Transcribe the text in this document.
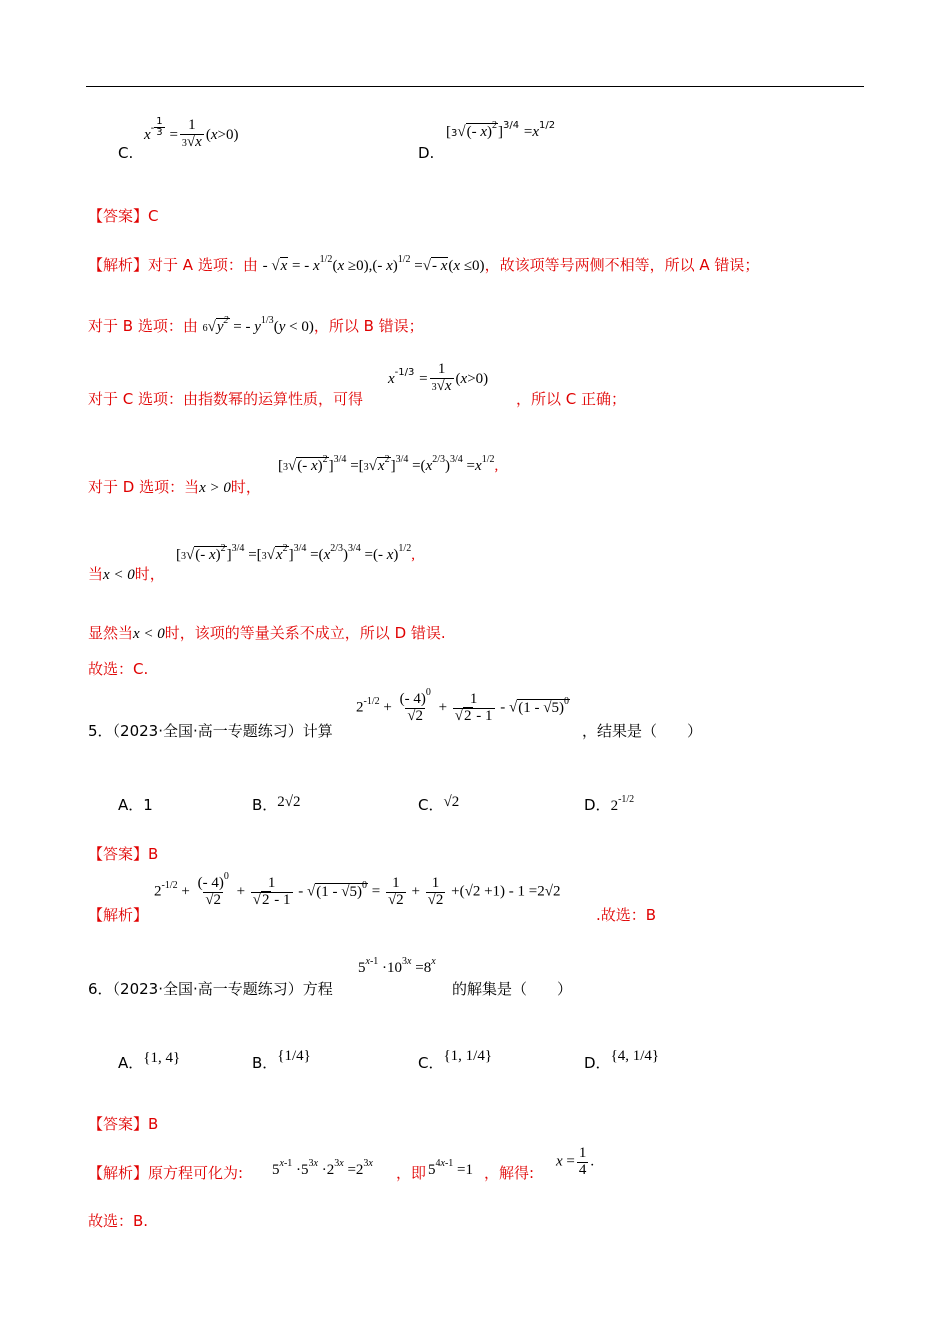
C.
$x^{- \frac{1}{3}} = \frac{1}{3√x} (x>0)$
D.
[3√(- $x)^2]^{3/4} =x^{1/2}$
【答案】C
【解析】对于 A 选项：由 - √x = - $x^{1/2}(x \ge 0),(-$ x)$^{1/2}$ =√- x(x ≤0)，故该项等号两侧不相等，所以 A 错误；
对于 B 选项：由 $6√y^2$ = - $y^{1/3}(y < 0)$，所以 B 错误；
对于 C 选项：由指数幂的运算性质，可得
$x^{-1/3} = \frac{1}{3√x} (x>0)$
，所以 C 正确；
对于 D 选项：当x > 0时，
[3√(- $x)^2]^{3/4} =[3√x^2]^{3/4} =(x^{2/3})^{3/4} =x^{1/2}$,
当x < 0时，
[3√(- $x)^2]^{3/4} =[3√x^2]^{3/4} =(x^{2/3})^{3/4}$ =(- x)$^{1/2}$,
显然当x < 0时，该项的等量关系不成立，所以 D 错误.
故选：C.
5．（2023·全国·高一专题练习）计算
$2^{-1/2} + \frac{(- 4)^0}{√2} + \frac{1}{√2 - 1} - √(1 - √5)^0$
，结果是（　　）
A．1	B．2√2	C．√2	D．$2^{-1/2}$
【答案】B
【解析】
$2^{-1/2} + \frac{(- 4)^0}{√2} + \frac{1}{√2 - 1} - √(1 - √5)^0 = \frac{1}{√2} + \frac{1}{√2} +(√2 +1) - 1 =2√2$
.故选：B
6．（2023·全国·高一专题练习）方程
$5^{x-1} \cdot 10^{3x} =8^x$
的解集是（　　）
A．{1, 4}	B．{1/4}	C．{1, 1/4}	D．{4, 1/4}
【答案】B
【解析】原方程可化为: $5^{x-1} \cdot 5^{3x} \cdot 2^{3x} =2^{3x}$
，即 $5^{4x-1} =1$ ，解得:
$x = \frac{1}{4}$ .
故选：B.
